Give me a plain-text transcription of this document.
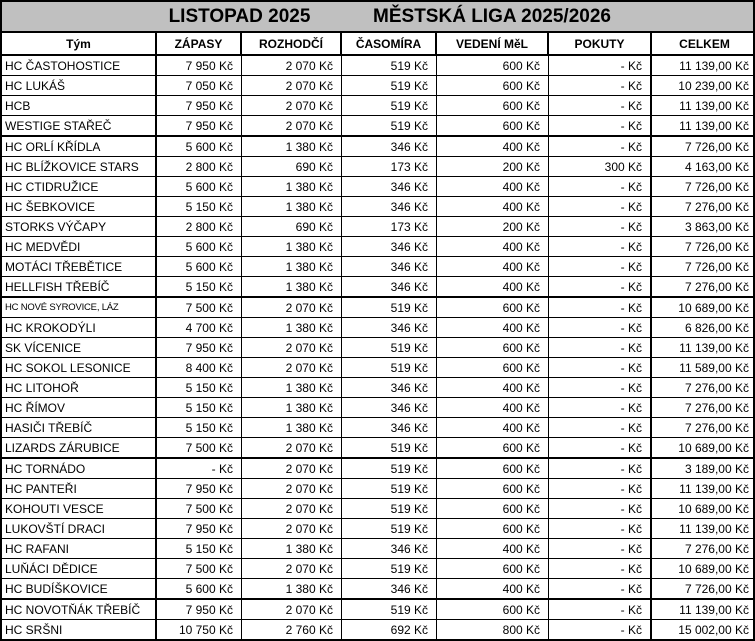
LISTOPAD 2025	MĚSTSKÁ LIGA 2025/2026
Tým	ZÁPASY	ROZHODČÍ	ČASOMÍRA	VEDENÍ MěL	POKUTY	CELKEM
HC ČASTOHOSTICE	7 950 Kč	2 070 Kč	519 Kč	600 Kč	- Kč	11 139,00 Kč
HC LUKÁŠ	7 050 Kč	2 070 Kč	519 Kč	600 Kč	- Kč	10 239,00 Kč
HCB	7 950 Kč	2 070 Kč	519 Kč	600 Kč	- Kč	11 139,00 Kč
WESTIGE STAŘEČ	7 950 Kč	2 070 Kč	519 Kč	600 Kč	- Kč	11 139,00 Kč
HC ORLÍ KŘÍDLA	5 600 Kč	1 380 Kč	346 Kč	400 Kč	- Kč	7 726,00 Kč
HC BLÍŽKOVICE STARS	2 800 Kč	690 Kč	173 Kč	200 Kč	300 Kč	4 163,00 Kč
HC CTIDRUŽICE	5 600 Kč	1 380 Kč	346 Kč	400 Kč	- Kč	7 726,00 Kč
HC ŠEBKOVICE	5 150 Kč	1 380 Kč	346 Kč	400 Kč	- Kč	7 276,00 Kč
STORKS VÝČAPY	2 800 Kč	690 Kč	173 Kč	200 Kč	- Kč	3 863,00 Kč
HC MEDVĚDI	5 600 Kč	1 380 Kč	346 Kč	400 Kč	- Kč	7 726,00 Kč
MOTÁCI TŘEBĚTICE	5 600 Kč	1 380 Kč	346 Kč	400 Kč	- Kč	7 726,00 Kč
HELLFISH TŘEBÍČ	5 150 Kč	1 380 Kč	346 Kč	400 Kč	- Kč	7 276,00 Kč
HC NOVÉ SYROVICE, LÁZ	7 500 Kč	2 070 Kč	519 Kč	600 Kč	- Kč	10 689,00 Kč
HC KROKODÝLI	4 700 Kč	1 380 Kč	346 Kč	400 Kč	- Kč	6 826,00 Kč
SK VÍCENICE	7 950 Kč	2 070 Kč	519 Kč	600 Kč	- Kč	11 139,00 Kč
HC SOKOL LESONICE	8 400 Kč	2 070 Kč	519 Kč	600 Kč	- Kč	11 589,00 Kč
HC LITOHOŘ	5 150 Kč	1 380 Kč	346 Kč	400 Kč	- Kč	7 276,00 Kč
HC ŘÍMOV	5 150 Kč	1 380 Kč	346 Kč	400 Kč	- Kč	7 276,00 Kč
HASIČI TŘEBÍČ	5 150 Kč	1 380 Kč	346 Kč	400 Kč	- Kč	7 276,00 Kč
LIZARDS ZÁRUBICE	7 500 Kč	2 070 Kč	519 Kč	600 Kč	- Kč	10 689,00 Kč
HC TORNÁDO	- Kč	2 070 Kč	519 Kč	600 Kč	- Kč	3 189,00 Kč
HC PANTEŘI	7 950 Kč	2 070 Kč	519 Kč	600 Kč	- Kč	11 139,00 Kč
KOHOUTI VESCE	7 500 Kč	2 070 Kč	519 Kč	600 Kč	- Kč	10 689,00 Kč
LUKOVŠTÍ DRACI	7 950 Kč	2 070 Kč	519 Kč	600 Kč	- Kč	11 139,00 Kč
HC RAFANI	5 150 Kč	1 380 Kč	346 Kč	400 Kč	- Kč	7 276,00 Kč
LUŇÁCI DĚDICE	7 500 Kč	2 070 Kč	519 Kč	600 Kč	- Kč	10 689,00 Kč
HC BUDÍŠKOVICE	5 600 Kč	1 380 Kč	346 Kč	400 Kč	- Kč	7 726,00 Kč
HC NOVOTŇÁK TŘEBÍČ	7 950 Kč	2 070 Kč	519 Kč	600 Kč	- Kč	11 139,00 Kč
HC SRŠNI	10 750 Kč	2 760 Kč	692 Kč	800 Kč	- Kč	15 002,00 Kč
